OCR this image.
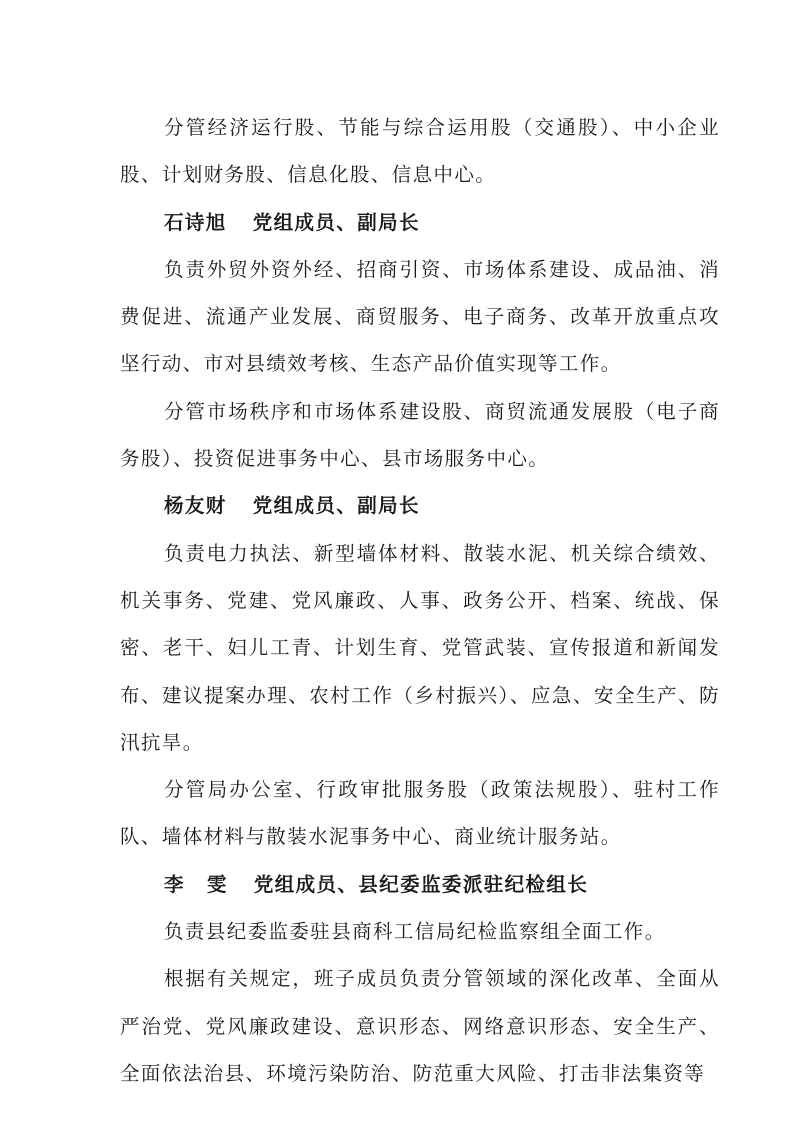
分管经济运行股、节能与综合运用股（交通股）、中小企业股、计划财务股、信息化股、信息中心。

石诗旭 党组成员、副局长

负责外贸外资外经、招商引资、市场体系建设、成品油、消费促进、流通产业发展、商贸服务、电子商务、改革开放重点攻坚行动、市对县绩效考核、生态产品价值实现等工作。

分管市场秩序和市场体系建设股、商贸流通发展股（电子商务股）、投资促进事务中心、县市场服务中心。

杨友财 党组成员、副局长

负责电力执法、新型墙体材料、散装水泥、机关综合绩效、机关事务、党建、党风廉政、人事、政务公开、档案、统战、保密、老干、妇儿工青、计划生育、党管武装、宣传报道和新闻发布、建议提案办理、农村工作（乡村振兴）、应急、安全生产、防汛抗旱。

分管局办公室、行政审批服务股（政策法规股）、驻村工作队、墙体材料与散装水泥事务中心、商业统计服务站。

李 雯 党组成员、县纪委监委派驻纪检组长

负责县纪委监委驻县商科工信局纪检监察组全面工作。

根据有关规定，班子成员负责分管领域的深化改革、全面从严治党、党风廉政建设、意识形态、网络意识形态、安全生产、全面依法治县、环境污染防治、防范重大风险、打击非法集资等
